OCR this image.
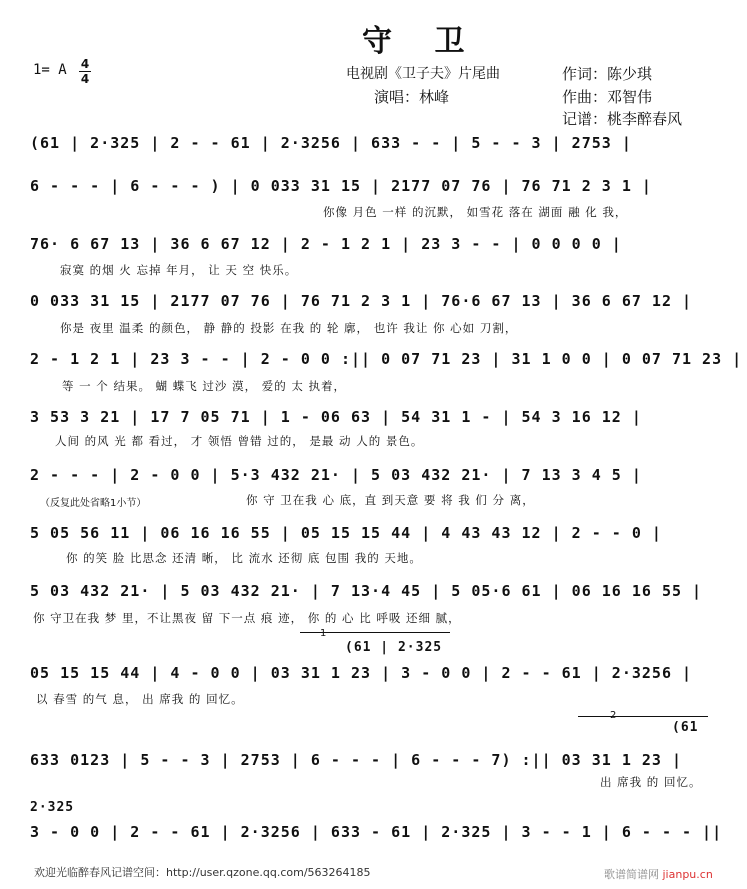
守 卫
1= A 4
4	电视剧《卫子夫》片尾曲
演唱：林峰
作词：陈少琪
作曲：邓智伟
记谱：桃李醉春风
(61 | 2·325 | 2 - - 61 | 2·3256 | 633 - - | 5 - - 3 | 2753 |
6 - - - | 6 - - - ) | 0 033 31 15 | 2177 07 76 | 76 71 2 3 1 |
你像 月色 一样 的沉默， 如雪花 落在 湖面 融 化 我，
76· 6 67 13 | 36 6 67 12 | 2 - 1 2 1 | 23 3 - - | 0 0 0 0 |
寂寞 的烟 火 忘掉 年月， 让 天 空 快乐。
0 033 31 15 | 2177 07 76 | 76 71 2 3 1 | 76·6 67 13 | 36 6 67 12 |
你是 夜里 温柔 的颜色， 静 静的 投影 在我 的 轮 廓， 也许 我让 你 心如 刀割，
2 - 1 2 1 | 23 3 - - | 2 - 0 0 :|| 0 07 71 23 | 31 1 0 0 | 0 07 71 23 |
等 一 个 结果。 蝴 蝶飞 过沙 漠， 爱的 太 执着，
3 53 3 21 | 17 7 05 71 | 1 - 06 63 | 54 31 1 - | 54 3 16 12 |
人间 的风 光 都 看过， 才 领悟 曾错 过的， 是最 动 人的 景色。
2 - - - | 2 - 0 0 | 5·3 432 21· | 5 03 432 21· | 7 13 3 4 5 |
（反复此处省略1小节）	你 守 卫在我 心 底，直 到天意 要 将 我 们 分 离，
5 05 56 11 | 06 16 16 55 | 05 15 15 44 | 4 43 43 12 | 2 - - 0 |
你 的笑 脸 比思念 还清 晰， 比 流水 还彻 底 包围 我的 天地。
5 03 432 21· | 5 03 432 21· | 7 13·4 45 | 5 05·6 61 | 06 16 16 55 |
你 守卫在我 梦 里，不让黑夜 留 下一点 痕 迹， 你 的 心 比 呼吸 还细 腻，
1
(61 | 2·325
05 15 15 44 | 4 - 0 0 | 03 31 1 23 | 3 - 0 0 | 2 - - 61 | 2·3256 |
以 春雪 的气 息， 出 席我 的 回忆。
2
(61
633 0123 | 5 - - 3 | 2753 | 6 - - - | 6 - - - 7) :|| 03 31 1 23 |
出 席我 的 回忆。
2·325
3 - 0 0 | 2 - - 61 | 2·3256 | 633 - 61 | 2·325 | 3 - - 1 | 6 - - - ||
欢迎光临醉春风记谱空间：http://user.qzone.qq.com/563264185	歌谱简谱网 jianpu.cn
